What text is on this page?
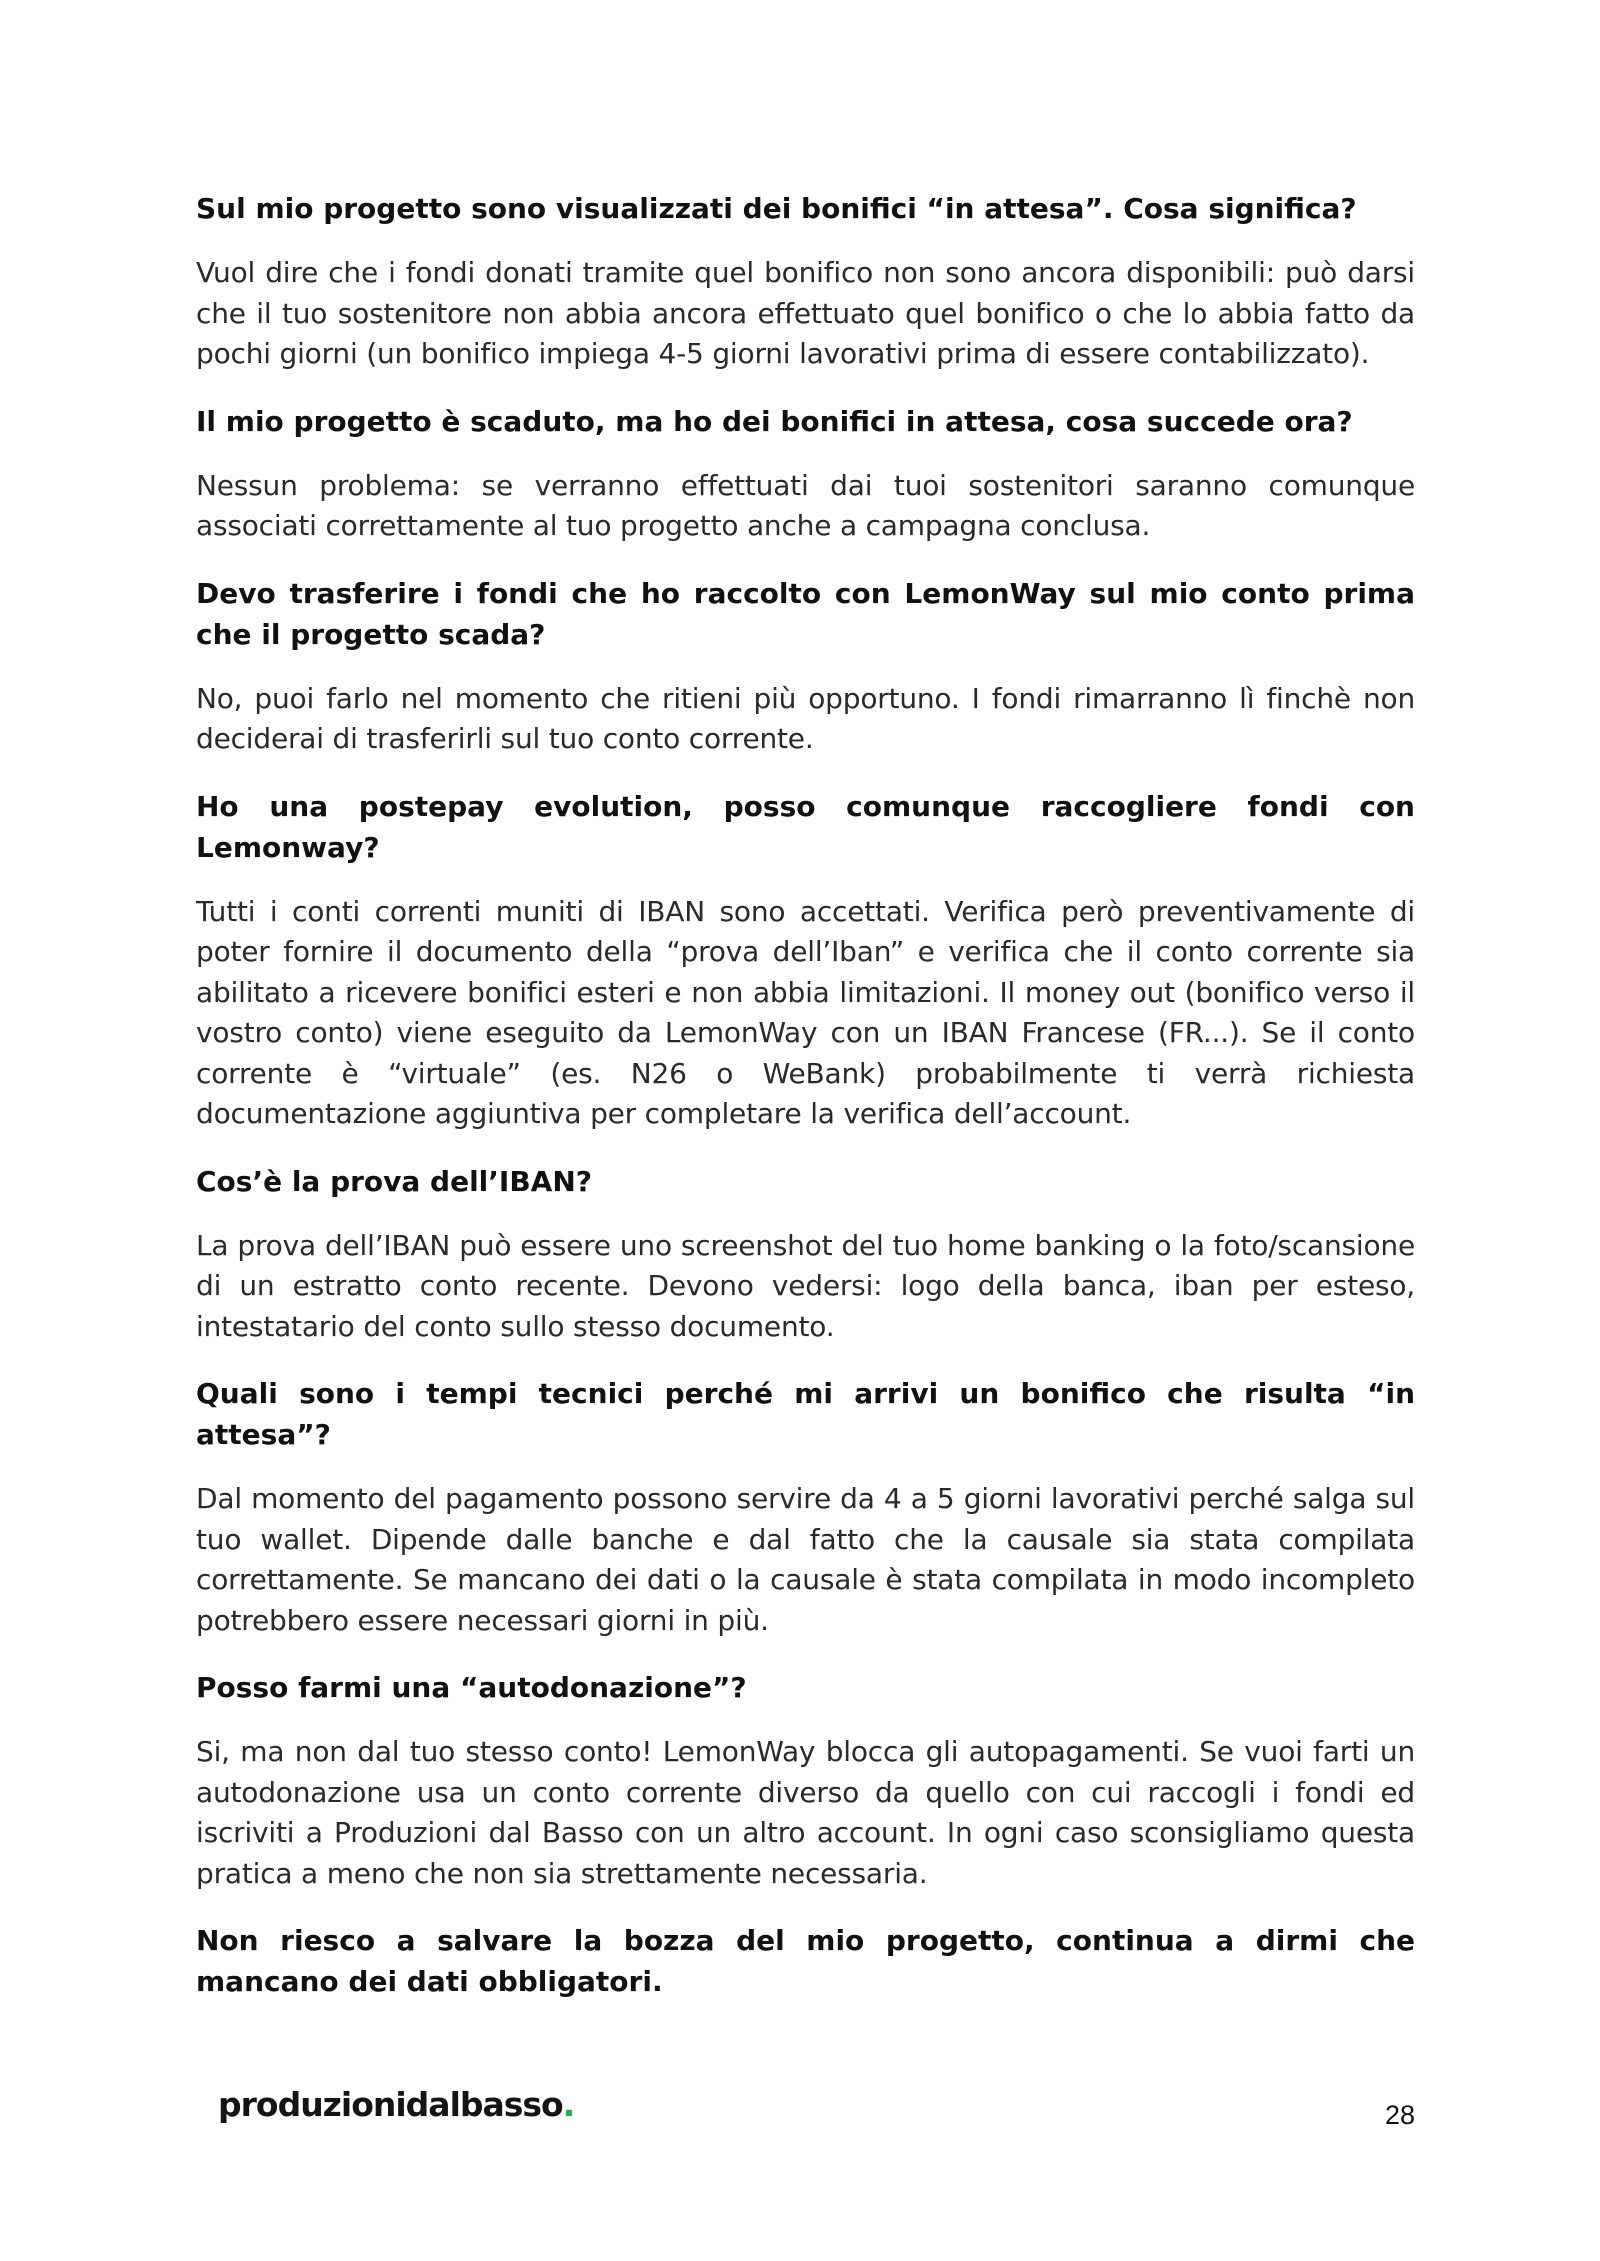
Sul mio progetto sono visualizzati dei bonifici “in attesa”. Cosa significa?

Vuol dire che i fondi donati tramite quel bonifico non sono ancora disponibili: può darsi che il tuo sostenitore non abbia ancora effettuato quel bonifico o che lo abbia fatto da pochi giorni (un bonifico impiega 4-5 giorni lavorativi prima di essere contabilizzato).

Il mio progetto è scaduto, ma ho dei bonifici in attesa, cosa succede ora?

Nessun problema: se verranno effettuati dai tuoi sostenitori saranno comunque associati correttamente al tuo progetto anche a campagna conclusa.

Devo trasferire i fondi che ho raccolto con LemonWay sul mio conto prima che il progetto scada?

No, puoi farlo nel momento che ritieni più opportuno. I fondi rimarranno lì finchè non deciderai di trasferirli sul tuo conto corrente.

Ho una postepay evolution, posso comunque raccogliere fondi con Lemonway?

Tutti i conti correnti muniti di IBAN sono accettati. Verifica però preventivamente di poter fornire il documento della “prova dell’Iban” e verifica che il conto corrente sia abilitato a ricevere bonifici esteri e non abbia limitazioni. Il money out (bonifico verso il vostro conto) viene eseguito da LemonWay con un IBAN Francese (FR...). Se il conto corrente è “virtuale” (es. N26 o WeBank) probabilmente ti verrà richiesta documentazione aggiuntiva per completare la verifica dell’account.

Cos’è la prova dell’IBAN?

La prova dell’IBAN può essere uno screenshot del tuo home banking o la foto/scansione di un estratto conto recente. Devono vedersi: logo della banca, iban per esteso, intestatario del conto sullo stesso documento.

Quali sono i tempi tecnici perché mi arrivi un bonifico che risulta “in attesa”?

Dal momento del pagamento possono servire da 4 a 5 giorni lavorativi perché salga sul tuo wallet. Dipende dalle banche e dal fatto che la causale sia stata compilata correttamente. Se mancano dei dati o la causale è stata compilata in modo incompleto potrebbero essere necessari giorni in più.

Posso farmi una “autodonazione”?

Si, ma non dal tuo stesso conto! LemonWay blocca gli autopagamenti. Se vuoi farti un autodonazione usa un conto corrente diverso da quello con cui raccogli i fondi ed iscriviti a Produzioni dal Basso con un altro account. In ogni caso sconsigliamo questa pratica a meno che non sia strettamente necessaria.

Non riesco a salvare la bozza del mio progetto, continua a dirmi che mancano dei dati obbligatori.

produzionidalbasso.	28
